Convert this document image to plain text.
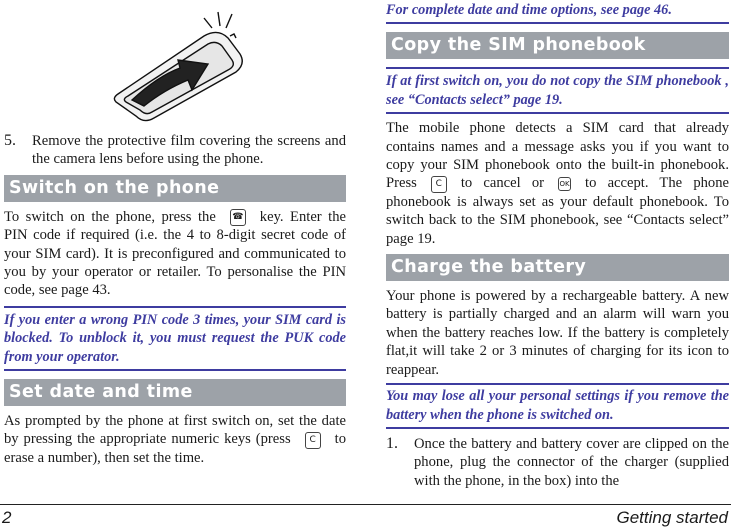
5.	Remove the protective film covering the screens and the camera lens before using the phone.

Switch on the phone

To switch on the phone, press the ☎ key. Enter the PIN code if required (i.e. the 4 to 8-digit secret code of your SIM card). It is preconfigured and communicated to you by your operator or retailer. To personalise the PIN code, see page 43.

If you enter a wrong PIN code 3 times, your SIM card is blocked. To unblock it, you must request the PUK code from your operator.
Set date and time

As prompted by the phone at first switch on, set the date by pressing the appropriate numeric keys (press C to erase a number), then set the time.

For complete date and time options, see page 46.
Copy the SIM phonebook
If at first switch on, you do not copy the SIM phonebook , see “Contacts select” page 19.

The mobile phone detects a SIM card that already contains names and a message asks you if you want to copy your SIM phonebook onto the built-in phonebook. Press C to cancel or OK to accept. The phone phonebook is always set as your default phonebook. To switch back to the SIM phonebook, see “Contacts select” page 19.

Charge the battery

Your phone is powered by a rechargeable battery. A new battery is partially charged and an alarm will warn you when the battery reaches low. If the battery is completely flat,it will take 2 or 3 minutes of charging for its icon to reappear.

You may lose all your personal settings if you remove the battery when the phone is switched on.
1.	Once the battery and battery cover are clipped on the phone, plug the connector of the charger (supplied with the phone, in the box) into the

2	Getting started
